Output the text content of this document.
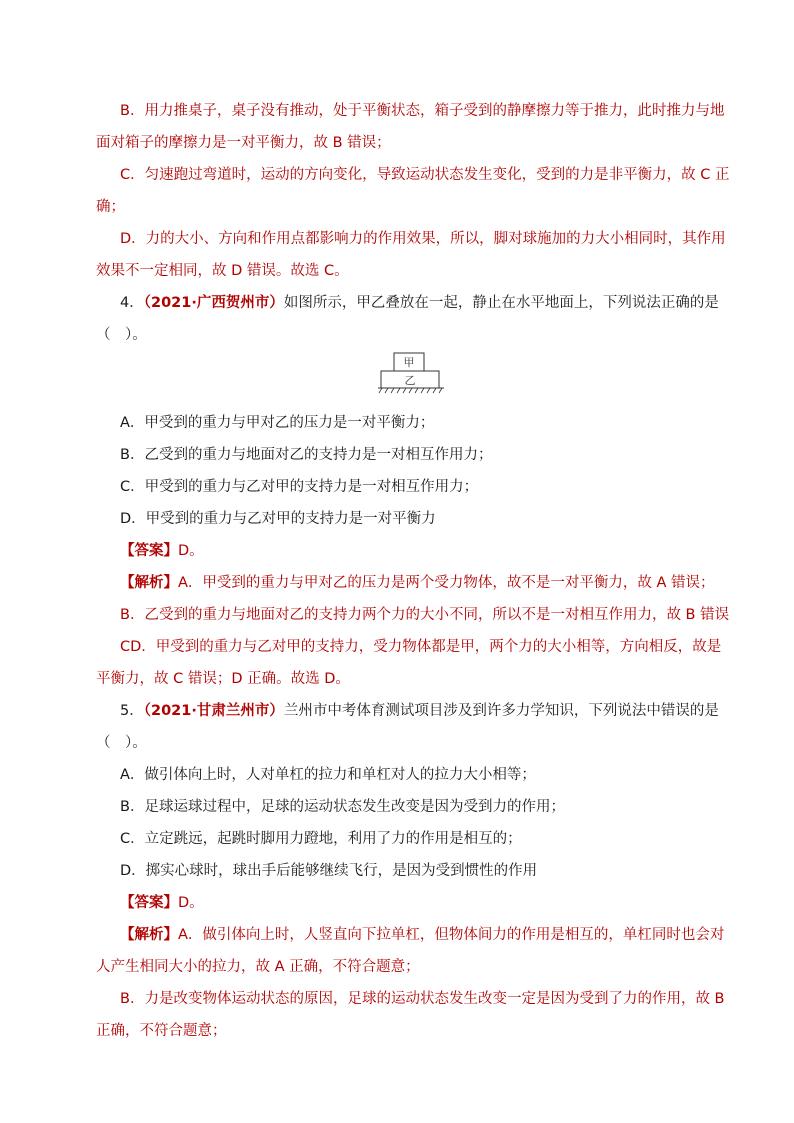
B．用力推桌子，桌子没有推动，处于平衡状态，箱子受到的静摩擦力等于推力，此时推力与地
面对箱子的摩擦力是一对平衡力，故 B 错误；
C．匀速跑过弯道时，运动的方向变化，导致运动状态发生变化，受到的力是非平衡力，故 C 正
确；
D．力的大小、方向和作用点都影响力的作用效果，所以，脚对球施加的力大小相同时，其作用
效果不一定相同，故 D 错误。故选 C。
4．（2021·广西贺州市）如图所示，甲乙叠放在一起，静止在水平地面上，下列说法正确的是
（　）。
甲
乙
A．甲受到的重力与甲对乙的压力是一对平衡力；
B．乙受到的重力与地面对乙的支持力是一对相互作用力；
C．甲受到的重力与乙对甲的支持力是一对相互作用力；
D．甲受到的重力与乙对甲的支持力是一对平衡力
【答案】D。
【解析】A．甲受到的重力与甲对乙的压力是两个受力物体，故不是一对平衡力，故 A 错误；
B．乙受到的重力与地面对乙的支持力两个力的大小不同，所以不是一对相互作用力，故 B 错误
CD．甲受到的重力与乙对甲的支持力，受力物体都是甲，两个力的大小相等，方向相反，故是
平衡力，故 C 错误；D 正确。故选 D。
5．（2021·甘肃兰州市）兰州市中考体育测试项目涉及到许多力学知识，下列说法中错误的是
（　）。
A．做引体向上时，人对单杠的拉力和单杠对人的拉力大小相等；
B．足球运球过程中，足球的运动状态发生改变是因为受到力的作用；
C．立定跳远，起跳时脚用力蹬地，利用了力的作用是相互的；
D．掷实心球时，球出手后能够继续飞行，是因为受到惯性的作用
【答案】D。
【解析】A．做引体向上时，人竖直向下拉单杠，但物体间力的作用是相互的，单杠同时也会对
人产生相同大小的拉力，故 A 正确，不符合题意；
B．力是改变物体运动状态的原因，足球的运动状态发生改变一定是因为受到了力的作用，故 B
正确，不符合题意；
